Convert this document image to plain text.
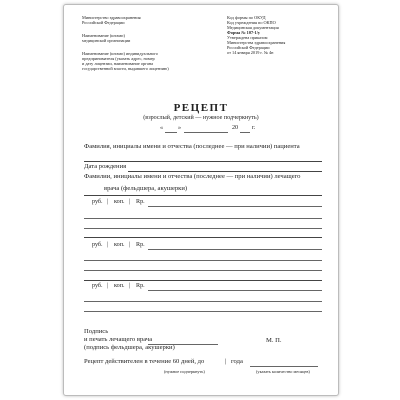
Министерство здравоохранения
Российской Федерации
Наименование (штамп)
медицинской организации
Наименование (штамп) индивидуального
предпринимателя (указать адрес, номер
и дату лицензии, наименование органа
государственной власти, выдавшего лицензию)
Код формы по ОКУД
Код учреждения по ОКПО
Медицинская документация
Форма № 107-1/у
Утверждена приказом
Министерства здравоохранения
Российской Федерации
от 14 января 2019 г. № 4н
РЕЦЕПТ
(взрослый, детский — нужное подчеркнуть)
« »	20 г.
Фамилия, инициалы имени и отчества (последнее — при наличии) пациента
Дата рождения
Фамилии, инициалы имени и отчества (последнее — при наличии) лечащего
врача (фельдшера, акушерки)
руб. | коп. | Rp.
руб. | коп. | Rp.
руб. | коп. | Rp.
Подпись
и печать лечащего врача
(подпись фельдшера, акушерки)
М. П.
Рецепт действителен в течение 60 дней, до	| года
(нужное подчеркнуть)	(указать количество месяцев)
